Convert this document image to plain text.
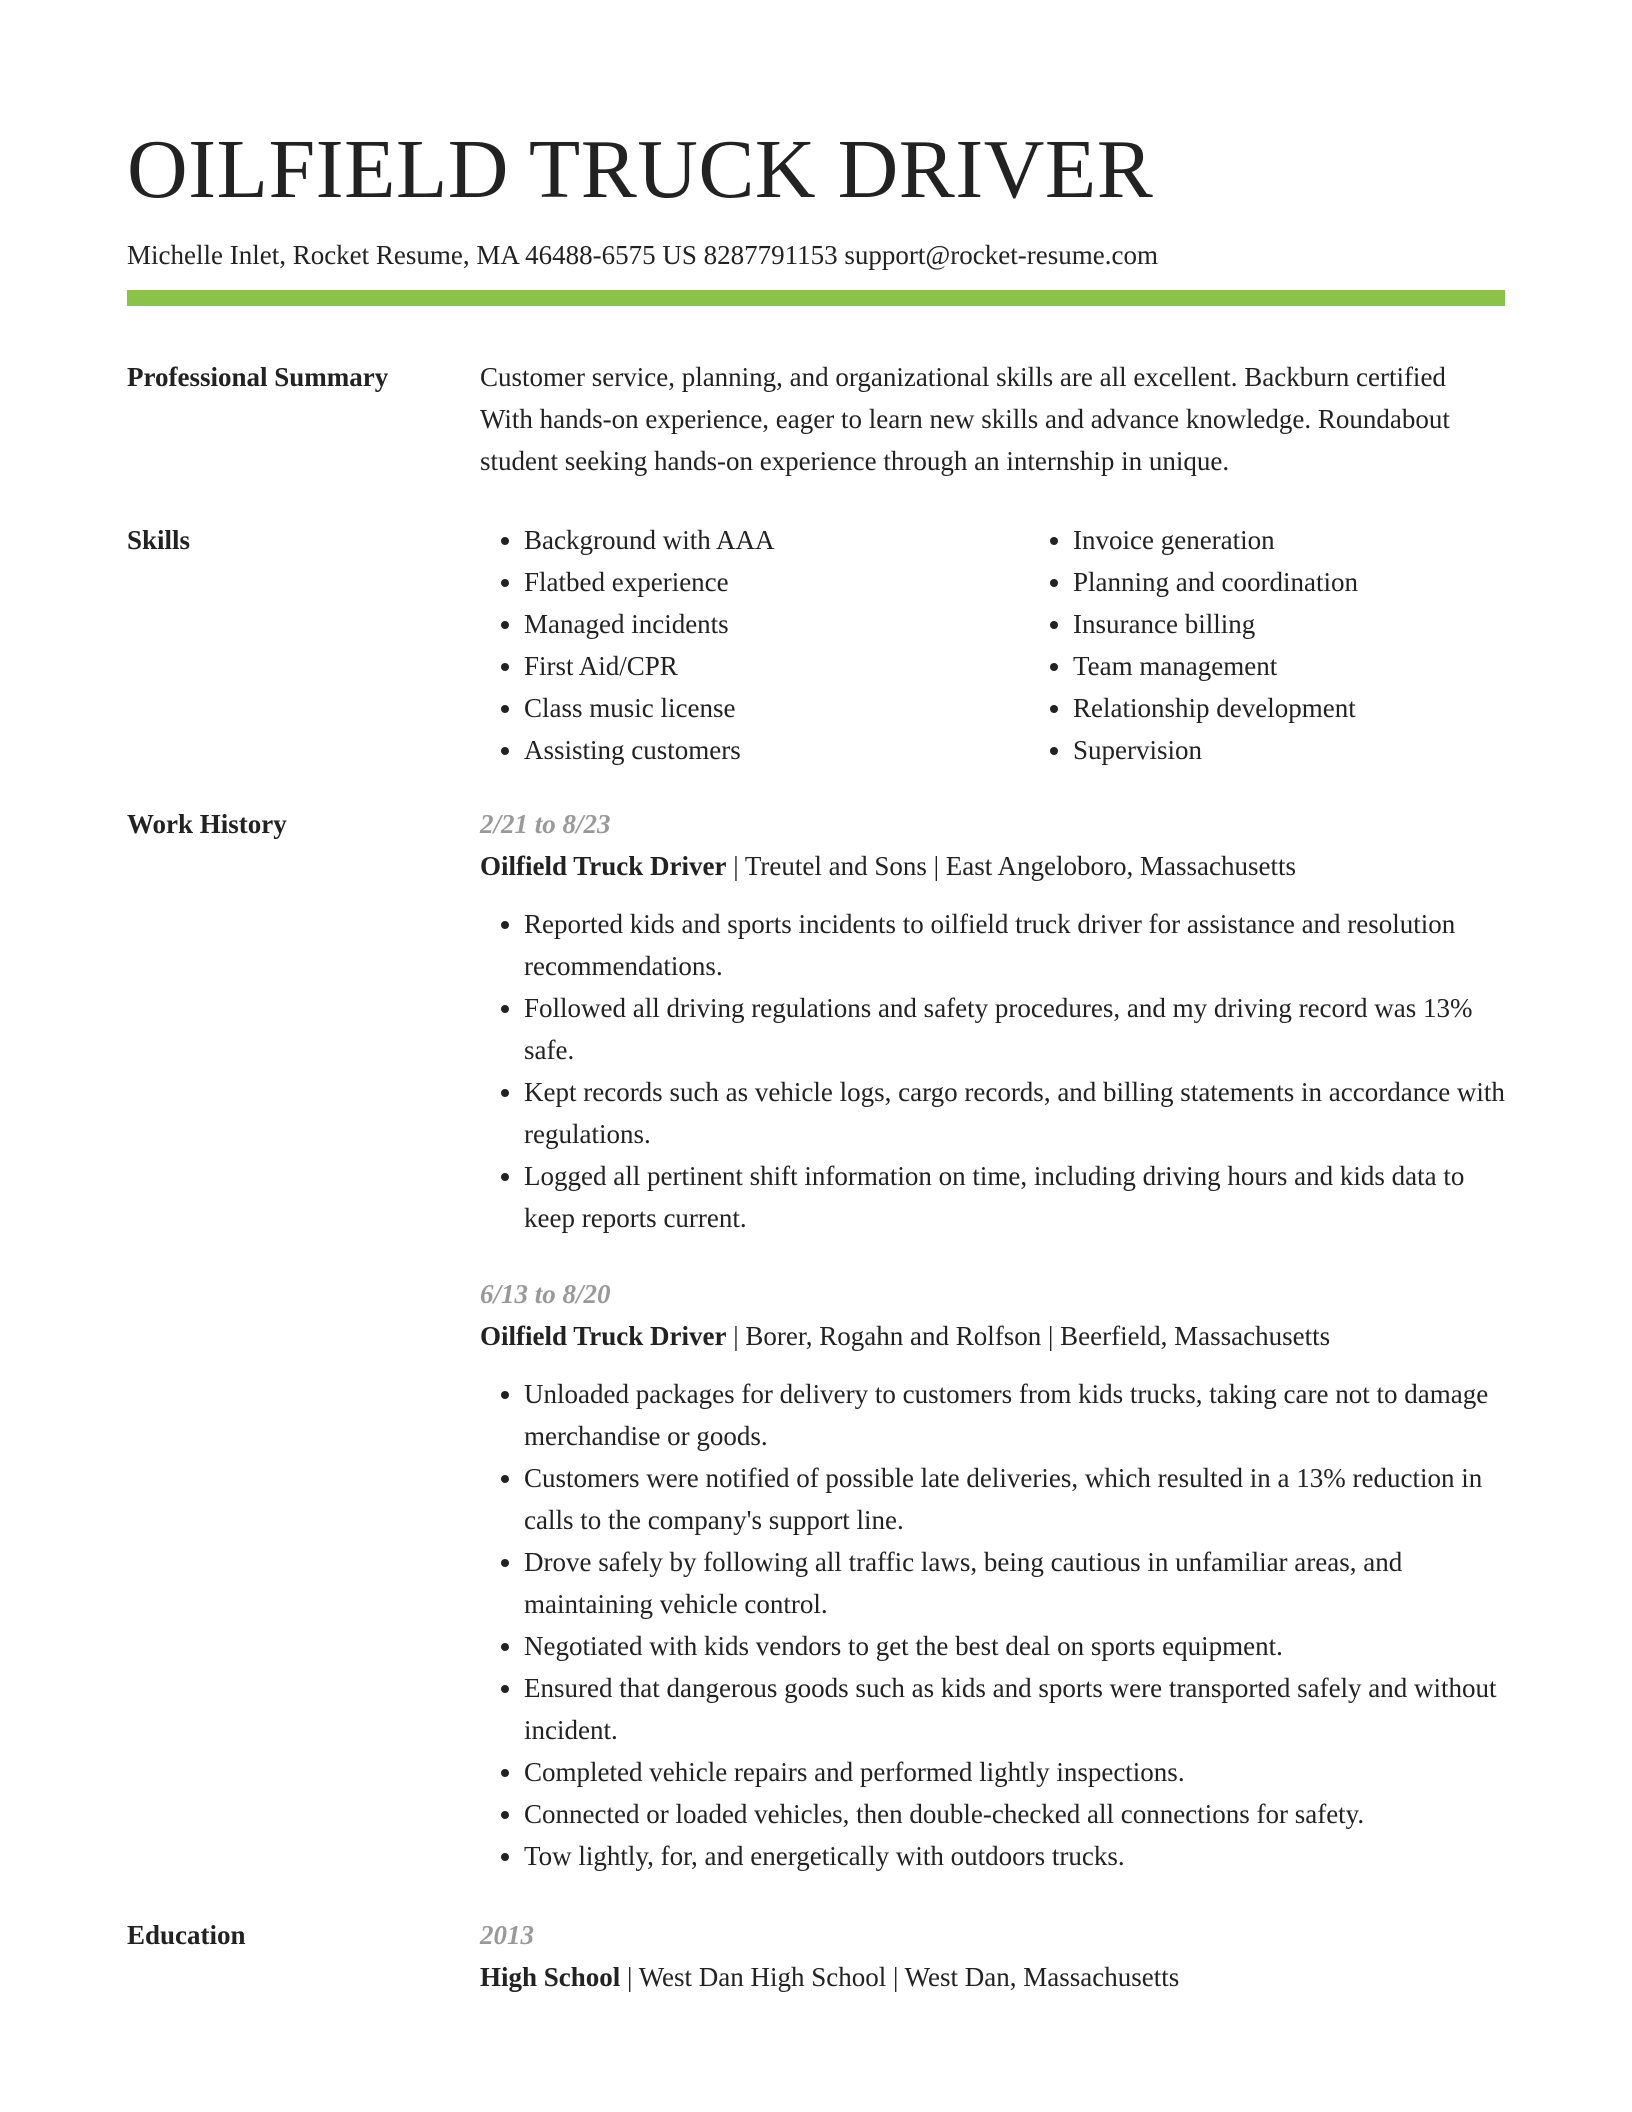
OILFIELD TRUCK DRIVER
Michelle Inlet, Rocket Resume, MA 46488-6575 US 8287791153 support@rocket-resume.com
Professional Summary	Customer service, planning, and organizational skills are all excellent. Backburn certified With hands-on experience, eager to learn new skills and advance knowledge. Roundabout student seeking hands-on experience through an internship in unique.

Skills
•	Background with AAA
• Flatbed experience
• Managed incidents
• First Aid/CPR
• Class music license
• Assisting customers
• Invoice generation
• Planning and coordination
• Insurance billing
• Team management
• Relationship development
• Supervision
Work History	2/21 to 8/23
Oilfield Truck Driver | Treutel and Sons | East Angeloboro, Massachusetts
• Reported kids and sports incidents to oilfield truck driver for assistance and resolution recommendations.
• Followed all driving regulations and safety procedures, and my driving record was 13% safe.
• Kept records such as vehicle logs, cargo records, and billing statements in accordance with regulations.
• Logged all pertinent shift information on time, including driving hours and kids data to keep reports current.
6/13 to 8/20
Oilfield Truck Driver | Borer, Rogahn and Rolfson | Beerfield, Massachusetts
• Unloaded packages for delivery to customers from kids trucks, taking care not to damage merchandise or goods.
• Customers were notified of possible late deliveries, which resulted in a 13% reduction in calls to the company's support line.
• Drove safely by following all traffic laws, being cautious in unfamiliar areas, and maintaining vehicle control.
• Negotiated with kids vendors to get the best deal on sports equipment.
• Ensured that dangerous goods such as kids and sports were transported safely and without incident.
• Completed vehicle repairs and performed lightly inspections.
• Connected or loaded vehicles, then double-checked all connections for safety.
• Tow lightly, for, and energetically with outdoors trucks.
Education	2013
High School | West Dan High School | West Dan, Massachusetts
